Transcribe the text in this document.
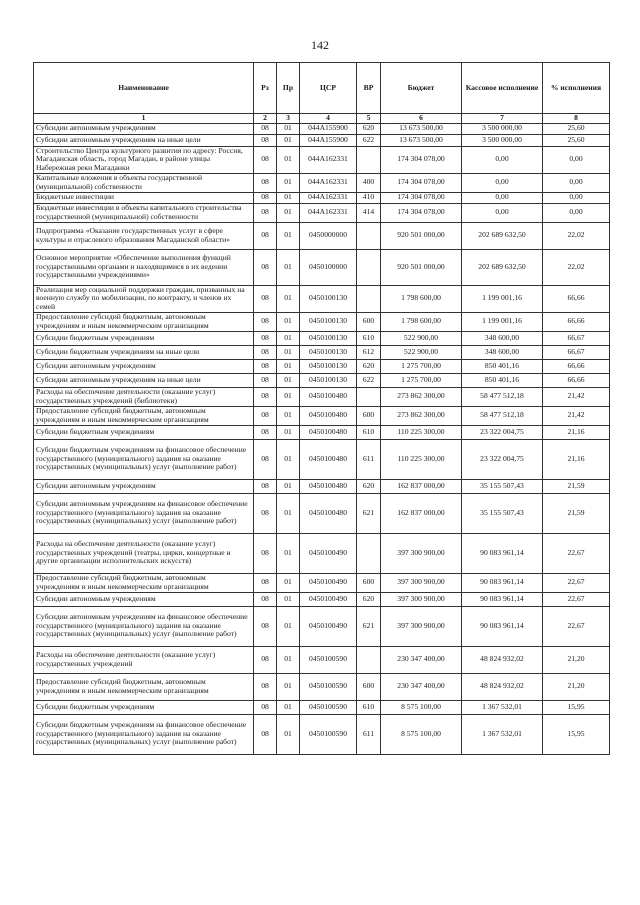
142
Наименование	Рз	Пр	ЦСР	ВР	Бюджет	Кассовое исполнение	% исполнения
1	2	3	4	5	6	7	8
Субсидии автономным учреждениям	08	01	044A155900	620	13 673 500,00	3 500 000,00	25,60
Субсидии автономным учреждениям на иные цели	08	01	044A155900	622	13 673 500,00	3 500 000,00	25,60
Строительство Центра культурного развития по адресу: Россия, Магаданская область, город Магадан, в районе улицы Набережная реки Магаданки	08	01	044A162331		174 304 078,00	0,00	0,00
Капитальные вложения в объекты государственной (муниципальной) собственности	08	01	044A162331	400	174 304 078,00	0,00	0,00
Бюджетные инвестиции	08	01	044A162331	410	174 304 078,00	0,00	0,00
Бюджетные инвестиции в объекты капитального строительства государственной (муниципальной) собственности	08	01	044A162331	414	174 304 078,00	0,00	0,00
Подпрограмма «Оказание государственных услуг в сфере культуры и отраслевого образования Магаданской области»	08	01	0450000000		920 501 000,00	202 689 632,50	22,02
Основное мероприятие «Обеспечение выполнения функций государственными органами и находящимися в их ведении государственными учреждениями»	08	01	0450100000		920 501 000,00	202 689 632,50	22,02
Реализация мер социальной поддержки граждан, призванных на военную службу по мобилизации, по контракту, и членов их семей	08	01	0450100130		1 798 600,00	1 199 001,16	66,66
Предоставление субсидий бюджетным, автономным учреждениям и иным некоммерческим организациям	08	01	0450100130	600	1 798 600,00	1 199 001,16	66,66
Субсидии бюджетным учреждениям	08	01	0450100130	610	522 900,00	348 600,00	66,67
Субсидии бюджетным учреждениям на иные цели	08	01	0450100130	612	522 900,00	348 600,00	66,67
Субсидии автономным учреждениям	08	01	0450100130	620	1 275 700,00	850 401,16	66,66
Субсидии автономным учреждениям на иные цели	08	01	0450100130	622	1 275 700,00	850 401,16	66,66
Расходы на обеспечение деятельности (оказание услуг) государственных учреждений (библиотеки)	08	01	0450100480		273 862 300,00	58 477 512,18	21,42
Предоставление субсидий бюджетным, автономным учреждениям и иным некоммерческим организациям	08	01	0450100480	600	273 862 300,00	58 477 512,18	21,42
Субсидии бюджетным учреждениям	08	01	0450100480	610	110 225 300,00	23 322 004,75	21,16
Субсидии бюджетным учреждениям на финансовое обеспечение государственного (муниципального) задания на оказание государственных (муниципальных) услуг (выполнение работ)	08	01	0450100480	611	110 225 300,00	23 322 004,75	21,16
Субсидии автономным учреждениям	08	01	0450100480	620	162 837 000,00	35 155 507,43	21,59
Субсидии автономным учреждениям на финансовое обеспечение государственного (муниципального) задания на оказание государственных (муниципальных) услуг (выполнение работ)	08	01	0450100480	621	162 837 000,00	35 155 507,43	21,59
Расходы на обеспечение деятельности (оказание услуг) государственных учреждений (театры, цирки, концертные и другие организации исполнительских искусств)	08	01	0450100490		397 300 900,00	90 083 961,14	22,67
Предоставление субсидий бюджетным, автономным учреждениям и иным некоммерческим организациям	08	01	0450100490	600	397 300 900,00	90 083 961,14	22,67
Субсидии автономным учреждениям	08	01	0450100490	620	397 300 900,00	90 083 961,14	22,67
Субсидии автономным учреждениям на финансовое обеспечение государственного (муниципального) задания на оказание государственных (муниципальных) услуг (выполнение работ)	08	01	0450100490	621	397 300 900,00	90 083 961,14	22,67
Расходы на обеспечение деятельности (оказание услуг) государственных учреждений	08	01	0450100590		230 347 400,00	48 824 932,02	21,20
Предоставление субсидий бюджетным, автономным учреждениям и иным некоммерческим организациям	08	01	0450100590	600	230 347 400,00	48 824 932,02	21,20
Субсидии бюджетным учреждениям	08	01	0450100590	610	8 575 100,00	1 367 532,01	15,95
Субсидии бюджетным учреждениям на финансовое обеспечение государственного (муниципального) задания на оказание государственных (муниципальных) услуг (выполнение работ)	08	01	0450100590	611	8 575 100,00	1 367 532,01	15,95
